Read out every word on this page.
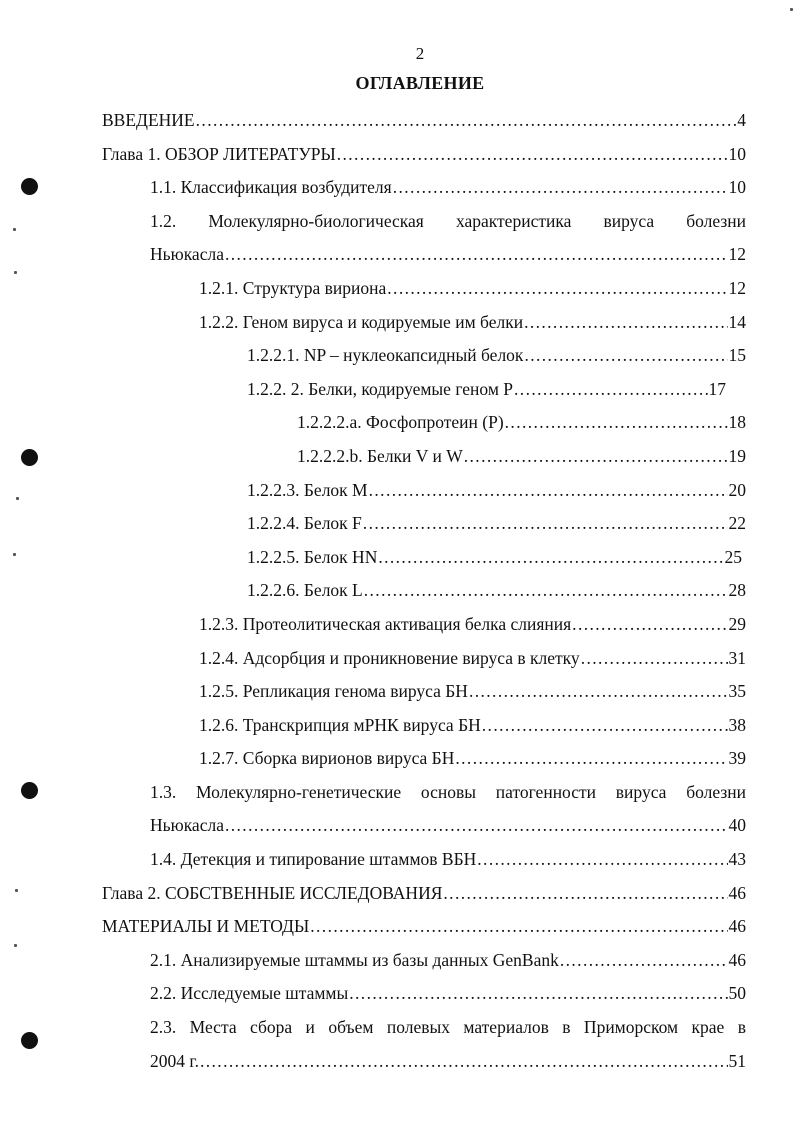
2
ОГЛАВЛЕНИЕ
ВВЕДЕНИЕ .....	4
Глава 1. ОБЗОР ЛИТЕРАТУРЫ .....	10
1.1. Классификация возбудителя .....	10
1.2. Молекулярно-биологическая характеристика вируса болезни
Ньюкасла .....	12
1.2.1. Структура вириона .....	12
1.2.2. Геном вируса и кодируемые им белки .....	14
1.2.2.1. NP – нуклеокапсидный белок .....	15
1.2.2. 2. Белки, кодируемые геном P .....	17
1.2.2.2.a. Фосфопротеин (P) .....	18
1.2.2.2.b. Белки V и W .....	19
1.2.2.3. Белок M .....	20
1.2.2.4. Белок F .....	22
1.2.2.5. Белок HN .....	25
1.2.2.6. Белок L .....	28
1.2.3. Протеолитическая активация белка слияния .....	29
1.2.4. Адсорбция и проникновение вируса в клетку .....	31
1.2.5. Репликация генома вируса БН .....	35
1.2.6. Транскрипция мРНК вируса БН .....	38
1.2.7. Сборка вирионов вируса БН .....	39
1.3. Молекулярно-генетические основы патогенности вируса болезни
Ньюкасла .....	40
1.4. Детекция и типирование штаммов ВБН .....	43
Глава 2. СОБСТВЕННЫЕ ИССЛЕДОВАНИЯ .....	46
МАТЕРИАЛЫ И МЕТОДЫ .....	46
2.1. Анализируемые штаммы из базы данных GenBank .....	46
2.2. Исследуемые штаммы .....	50
2.3. Места сбора и объем полевых материалов в Приморском крае в
2004 г. .....	51
